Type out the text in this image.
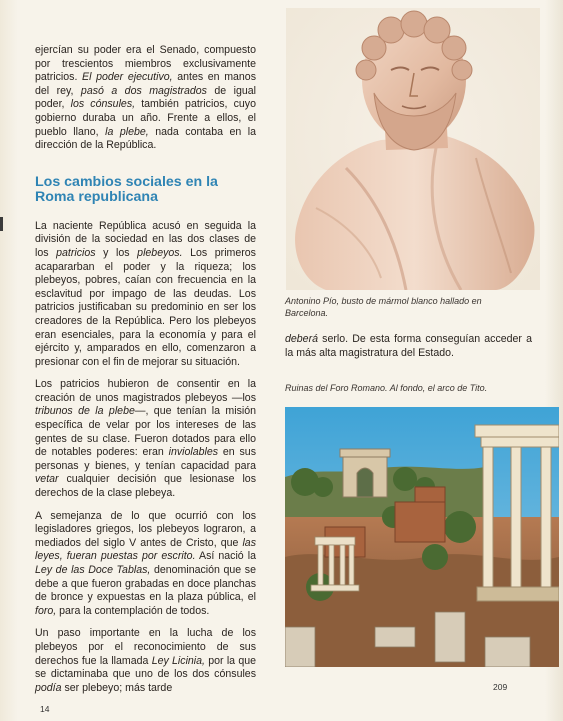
ejercían su poder era el Senado, compuesto por trescientos miembros exclusivamente patricios. El poder ejecutivo, antes en manos del rey, pasó a dos magistrados de igual poder, los cónsules, también patricios, cuyo gobierno duraba un año. Frente a ellos, el pueblo llano, la plebe, nada contaba en la dirección de la República.

Los cambios sociales en la Roma republicana

La naciente República acusó en seguida la división de la sociedad en las dos clases de los patricios y los plebeyos. Los primeros acapararban el poder y la riqueza; los plebeyos, pobres, caían con frecuencia en la esclavitud por impago de las deudas. Los patricios justificaban su predominio en ser los creadores de la República. Pero los plebeyos eran esenciales, para la economía y para el ejército y, amparados en ello, comenzaron a presionar con el fin de mejorar su situación.

Los patricios hubieron de consentir en la creación de unos magistrados plebeyos —los tribunos de la plebe—, que tenían la misión específica de velar por los intereses de las gentes de su clase. Fueron dotados para ello de notables poderes: eran inviolables en sus personas y bienes, y tenían capacidad para vetar cualquier decisión que lesionase los derechos de la clase plebeya.

A semejanza de lo que ocurrió con los legisladores griegos, los plebeyos lograron, a mediados del siglo V antes de Cristo, que las leyes, fueran puestas por escrito. Así nació la Ley de las Doce Tablas, denominación que se debe a que fueron grabadas en doce planchas de bronce y expuestas en la plaza pública, el foro, para la contemplación de todos.

Un paso importante en la lucha de los plebeyos por el reconocimiento de sus derechos fue la llamada Ley Licinia, por la que se dictaminaba que uno de los dos cónsules podía ser plebeyo; más tarde

Antonino Pío, busto de mármol blanco hallado en Barcelona.
deberá serlo. De esta forma conseguían acceder a la más alta magistratura del Estado.
Ruinas del Foro Romano. Al fondo, el arco de Tito.
14
209
